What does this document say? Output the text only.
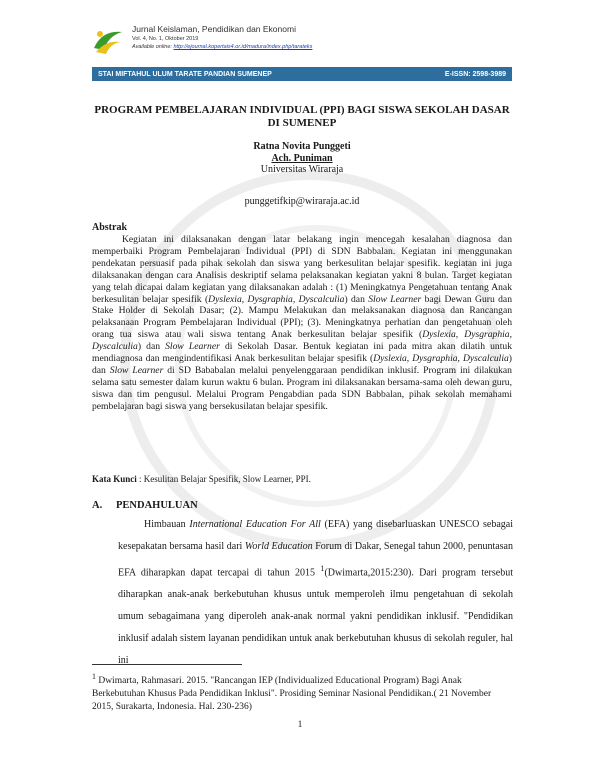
Jurnal Keislaman, Pendidikan dan Ekonomi
Vol. 4, No. 1, Oktober 2019
Available online: http://ejournal.kopertais4.or.id/madura/index.php/tarateks
STAI MIFTAHUL ULUM TARATE PANDIAN SUMENEP	E-ISSN: 2598-3989
PROGRAM PEMBELAJARAN INDIVIDUAL (PPI) BAGI SISWA SEKOLAH DASAR DI SUMENEP
Ratna Novita Punggeti
Ach. Puniman
Universitas Wiraraja
punggetifkip@wiraraja.ac.id
Abstrak
Kegiatan ini dilaksanakan dengan latar belakang ingin mencegah kesalahan diagnosa dan memperbaiki Program Pembelajaran Individual (PPI) di SDN Babbalan. Kegiatan ini menggunakan pendekatan persuasif pada pihak sekolah dan siswa yang berkesulitan belajar spesifik. kegiatan ini juga dilaksanakan dengan cara Analisis deskriptif selama pelaksanakan kegiatan yakni 8 bulan. Target kegiatan yang telah dicapai dalam kegiatan yang dilaksanakan adalah : (1) Meningkatnya Pengetahuan tentang Anak berkesulitan belajar spesifik (Dyslexia, Dysgraphia, Dyscalculia) dan Slow Learner bagi Dewan Guru dan Stake Holder di Sekolah Dasar; (2). Mampu Melakukan dan melaksanakan diagnosa dan Rancangan pelaksanaan Program Pembelajaran Individual (PPI); (3). Meningkatnya perhatian dan pengetahuan oleh orang tua siswa atau wali siswa tentang Anak berkesulitan belajar spesifik (Dyslexia, Dysgraphia, Dyscalculia) dan Slow Learner di Sekolah Dasar. Bentuk kegiatan ini pada mitra akan dilatih untuk mendiagnosa dan mengindentifikasi Anak berkesulitan belajar spesifik (Dyslexia, Dysgraphia, Dyscalculia) dan Slow Learner di SD Bababalan melalui penyelenggaraan pendidikan inklusif. Program ini dilakukan selama satu semester dalam kurun waktu 6 bulan. Program ini dilaksanakan bersama-sama oleh dewan guru, siswa dan tim pengusul. Melalui Program Pengabdian pada SDN Babbalan, pihak sekolah memahami pembelajaran bagi siswa yang bersekusilatan belajar spesifik.
Kata Kunci : Kesulitan Belajar Spesifik, Slow Learner, PPI.
A. PENDAHULUAN
Himbauan International Education For All (EFA) yang disebarluaskan UNESCO sebagai kesepakatan bersama hasil dari World Education Forum di Dakar, Senegal tahun 2000, penuntasan EFA diharapkan dapat tercapai di tahun 2015 $^1$(Dwimarta,2015:230). Dari program tersebut diharapkan anak-anak berkebutuhan khusus untuk memperoleh ilmu pengetahuan di sekolah umum sebagaimana yang diperoleh anak-anak normal yakni pendidikan inklusif. "Pendidikan inklusif adalah sistem layanan pendidikan untuk anak berkebutuhan khusus di sekolah reguler, hal ini
$^1$ Dwimarta, Rahmasari. 2015. "Rancangan IEP (Individualized Educational Program) Bagi Anak Berkebutuhan Khusus Pada Pendidikan Inklusi". Prosiding Seminar Nasional Pendidikan.( 21 November 2015, Surakarta, Indonesia. Hal. 230-236)
1
